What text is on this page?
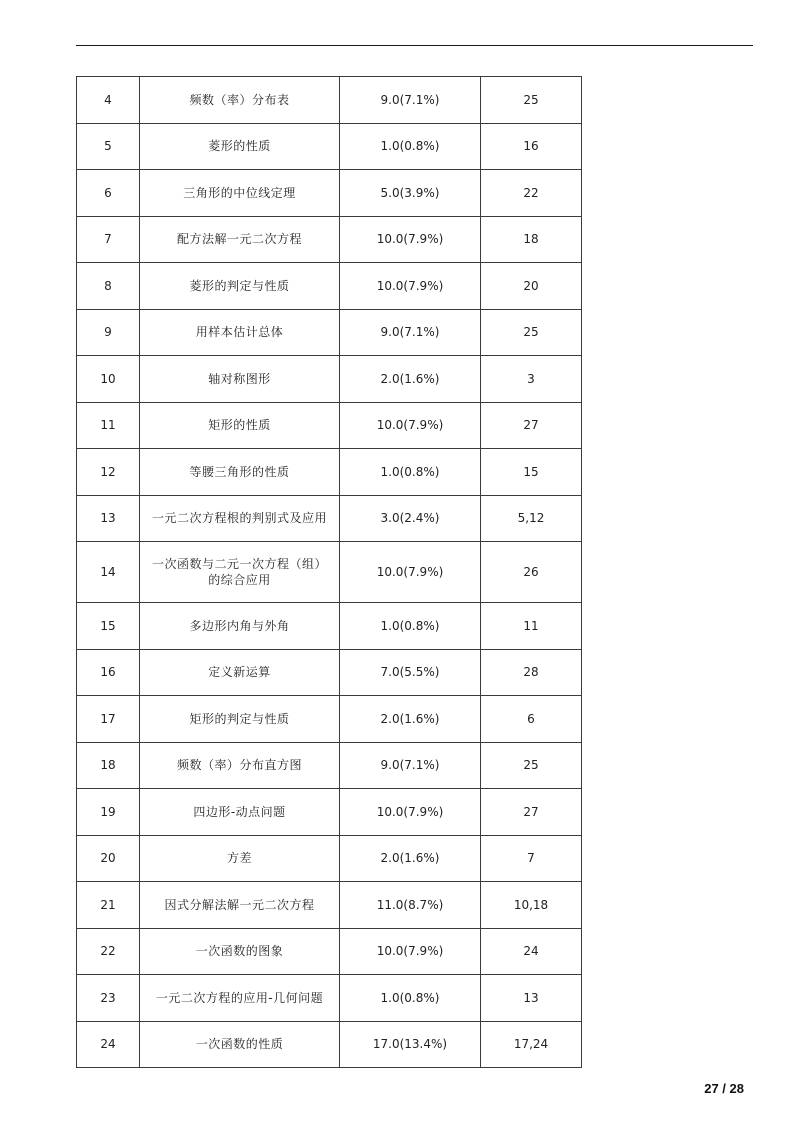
4	频数（率）分布表	9.0(7.1%)	25
5	菱形的性质	1.0(0.8%)	16
6	三角形的中位线定理	5.0(3.9%)	22
7	配方法解一元二次方程	10.0(7.9%)	18
8	菱形的判定与性质	10.0(7.9%)	20
9	用样本估计总体	9.0(7.1%)	25
10	轴对称图形	2.0(1.6%)	3
11	矩形的性质	10.0(7.9%)	27
12	等腰三角形的性质	1.0(0.8%)	15
13	一元二次方程根的判别式及应用	3.0(2.4%)	5,12
14	一次函数与二元一次方程（组）的综合应用	10.0(7.9%)	26
15	多边形内角与外角	1.0(0.8%)	11
16	定义新运算	7.0(5.5%)	28
17	矩形的判定与性质	2.0(1.6%)	6
18	频数（率）分布直方图	9.0(7.1%)	25
19	四边形-动点问题	10.0(7.9%)	27
20	方差	2.0(1.6%)	7
21	因式分解法解一元二次方程	11.0(8.7%)	10,18
22	一次函数的图象	10.0(7.9%)	24
23	一元二次方程的应用-几何问题	1.0(0.8%)	13
24	一次函数的性质	17.0(13.4%)	17,24
27 / 28
